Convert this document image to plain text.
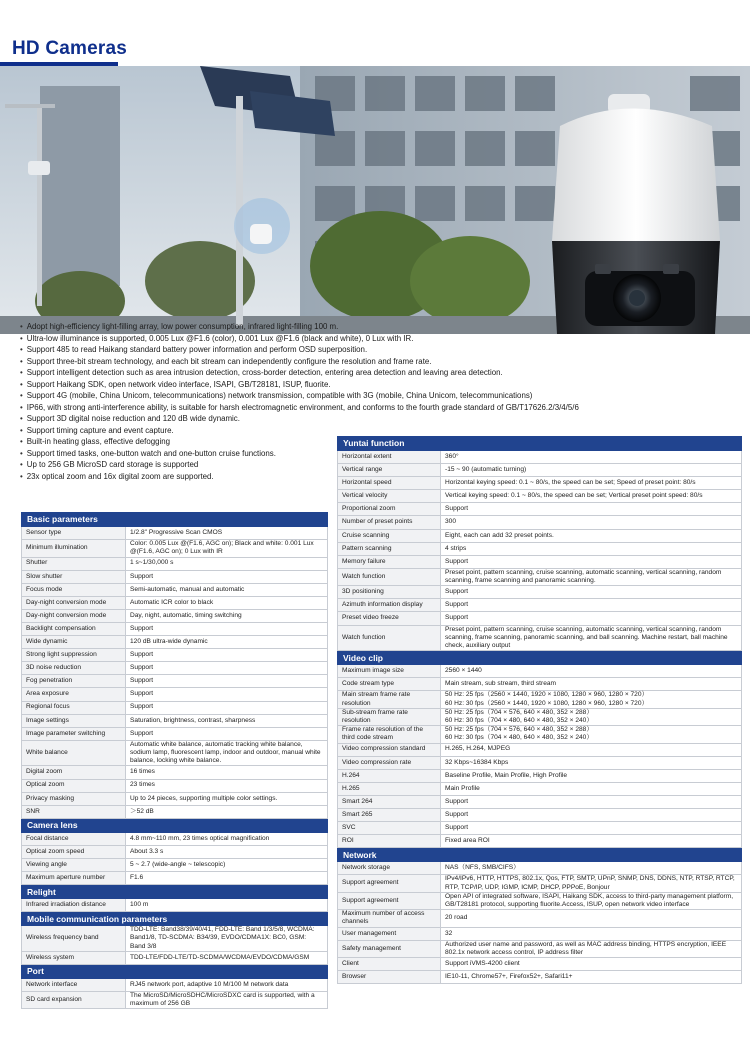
HD Cameras
• Adopt high-efficiency light-filling array, low power consumption, infrared light-filling 100 m.
• Ultra-low illuminance is supported, 0.005 Lux @F1.6 (color), 0.001 Lux @F1.6 (black and white), 0 Lux with IR.
• Support 485 to read Haikang standard battery power information and perform OSD superposition.
• Support three-bit stream technology, and each bit stream can independently configure the resolution and frame rate.
• Support intelligent detection such as area intrusion detection, cross-border detection, entering area detection and leaving area detection.
• Support Haikang SDK, open network video interface, ISAPI, GB/T28181, ISUP, fluorite.
• Support 4G (mobile, China Unicom, telecommunications) network transmission, compatible with 3G (mobile, China Unicom, telecommunications)
• IP66, with strong anti-interference ability, is suitable for harsh electromagnetic environment, and conforms to the fourth grade standard of GB/T17626.2/3/4/5/6
• Support 3D digital noise reduction and 120 dB wide dynamic.
• Support timing capture and event capture.
• Built-in heating glass, effective defogging
• Support timed tasks, one-button watch and one-button cruise functions.
• Up to 256 GB MicroSD card storage is supported
• 23x optical zoom and 16x digital zoom are supported.
Basic parameters	
Sensor type	1/2.8" Progressive Scan CMOS
Minimum illumination	Color: 0.005 Lux @(F1.6, AGC on); Black and white: 0.001 Lux @(F1.6, AGC on); 0 Lux with IR
Shutter	1 s~1/30,000 s
Slow shutter	Support
Focus mode	Semi-automatic, manual and automatic
Day-night conversion mode	Automatic ICR color to black
Day-night conversion mode	Day, night, automatic, timing switching
Backlight compensation	Support
Wide dynamic	120 dB ultra-wide dynamic
Strong light suppression	Support
3D noise reduction	Support
Fog penetration	Support
Area exposure	Support
Regional focus	Support
Image settings	Saturation, brightness, contrast, sharpness
Image parameter switching	Support
White balance	Automatic white balance, automatic tracking white balance, sodium lamp, fluorescent lamp, indoor and outdoor, manual white balance, locking white balance.
Digital zoom	16 times
Optical zoom	23 times
Privacy masking	Up to 24 pieces, supporting multiple color settings.
SNR	＞52 dB
Camera lens	
Focal distance	4.8 mm~110 mm, 23 times optical magnification
Optical zoom speed	About 3.3 s
Viewing angle	5 ~ 2.7 (wide-angle ~ telescopic)
Maximum aperture number	F1.6
Relight	
Infrared irradiation distance	100 m
Mobile communication parameters	
Wireless frequency band	TDD-LTE: Band38/39/40/41, FDD-LTE: Band 1/3/5/8, WCDMA: Band1/8, TD-SCDMA: B34/39, EVDO/CDMA1X: BC0, GSM: Band 3/8
Wireless system	TDD-LTE/FDD-LTE/TD-SCDMA/WCDMA/EVDO/CDMA/GSM
Port	
Network interface	RJ45 network port, adaptive 10 M/100 M network data
SD card expansion	The MicroSD/MicroSDHC/MicroSDXC card is supported, with a maximum of 256 GB
Yuntai function	
Horizontal extent	360°
Vertical range	-15 ~ 90 (automatic turning)
Horizontal speed	Horizontal keying speed: 0.1 ~ 80/s, the speed can be set; Speed of preset point: 80/s
Vertical velocity	Vertical keying speed: 0.1 ~ 80/s, the speed can be set; Vertical preset point speed: 80/s
Proportional zoom	Support
Number of preset points	300
Cruise scanning	Eight, each can add 32 preset points.
Pattern scanning	4 strips
Memory failure	Support
Watch function	Preset point, pattern scanning, cruise scanning, automatic scanning, vertical scanning, random scanning, frame scanning and panoramic scanning.
3D positioning	Support
Azimuth information display	Support
Preset video freeze	Support
Watch function	Preset point, pattern scanning, cruise scanning, automatic scanning, vertical scanning, random scanning, frame scanning, panoramic scanning, and ball scanning. Machine restart, ball machine check, auxiliary output
Video clip	
Maximum image size	2560 × 1440
Code stream type	Main stream, sub stream, third stream
Main stream frame rate resolution	50 Hz: 25 fps（2560 × 1440, 1920 × 1080, 1280 × 960, 1280 × 720）
60 Hz: 30 fps（2560 × 1440, 1920 × 1080, 1280 × 960, 1280 × 720）
Sub-stream frame rate resolution	50 Hz: 25 fps（704 × 576, 640 × 480, 352 × 288）
60 Hz: 30 fps（704 × 480, 640 × 480, 352 × 240）
Frame rate resolution of the third code stream	50 Hz: 25 fps（704 × 576, 640 × 480, 352 × 288）
60 Hz: 30 fps（704 × 480, 640 × 480, 352 × 240）
Video compression standard	H.265, H.264, MJPEG
Video compression rate	32 Kbps~16384 Kbps
H.264	Baseline Profile, Main Profile, High Profile
H.265	Main Profile
Smart 264	Support
Smart 265	Support
SVC	Support
ROI	Fixed area ROI
Network	
Network storage	NAS（NFS, SMB/CIFS）
Support agreement	IPv4/IPv6, HTTP, HTTPS, 802.1x, Qos, FTP, SMTP, UPnP, SNMP, DNS, DDNS, NTP, RTSP, RTCP, RTP, TCP/IP, UDP, IGMP, ICMP, DHCP, PPPoE, Bonjour
Support agreement	Open API of integrated software, ISAPI, Haikang SDK, access to third-party management platform, GB/T28181 protocol, supporting fluorite.Access, ISUP, open network video interface
Maximum number of access channels	20 road
User management	32
Safety management	Authorized user name and password, as well as MAC address binding, HTTPS encryption, IEEE 802.1x network access control, IP address filter
Client	Support iVMS-4200 client
Browser	IE10-11, Chrome57+, Firefox52+, Safari11+
